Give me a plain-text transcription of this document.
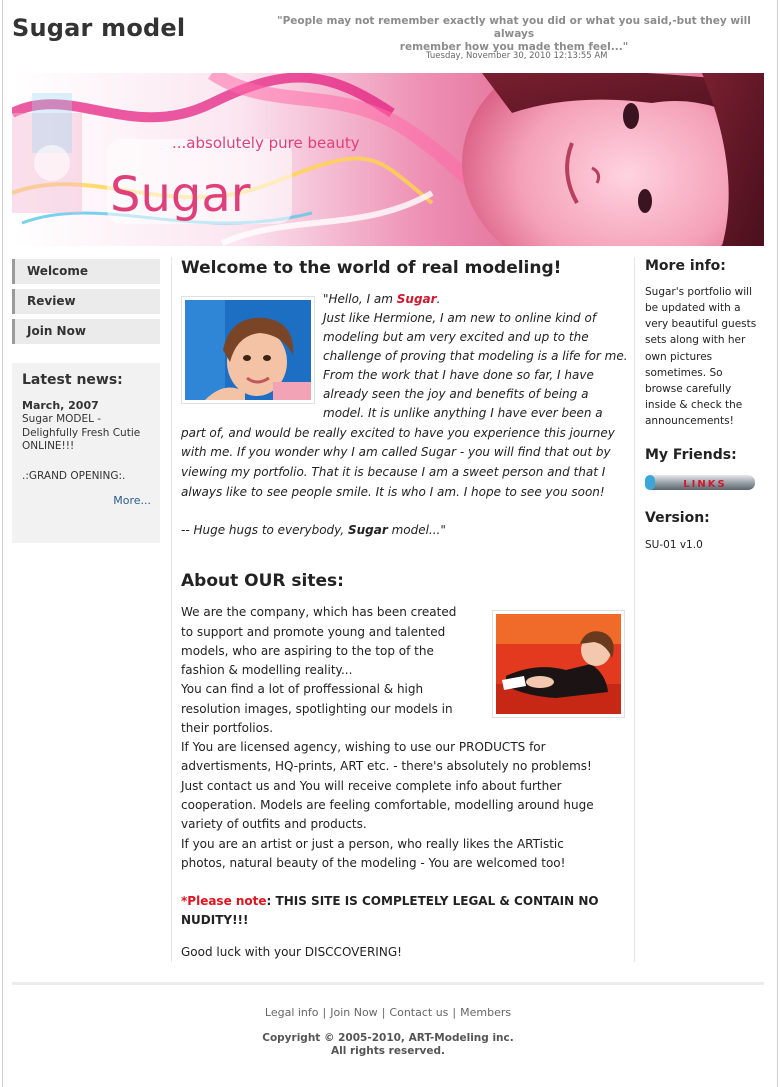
Sugar model	"People may not remember exactly what you did or what you said,-but they will always
remember how you made them feel..."
Tuesday, November 30, 2010 12:13:55 AM
...absolutely pure beauty
Sugar
Welcome
Review
Join Now
Latest news:
March, 2007
Sugar MODEL -
Delighfully Fresh Cutie
ONLINE!!!
.:GRAND OPENING:.
More...
Welcome to the world of real modeling!
"Hello, I am Sugar.
Just like Hermione, I am new to online kind of
modeling but am very excited and up to the
challenge of proving that modeling is a life for me.
From the work that I have done so far, I have
already seen the joy and benefits of being a
model. It is unlike anything I have ever been a
part of, and would be really excited to have you experience this journey
with me. If you wonder why I am called Sugar - you will find that out by
viewing my portfolio. That it is because I am a sweet person and that I
always like to see people smile. It is who I am. I hope to see you soon!
-- Huge hugs to everybody, Sugar model..."
About OUR sites:
We are the company, which has been created
to support and promote young and talented
models, who are aspiring to the top of the
fashion & modelling reality...
You can find a lot of proffessional & high
resolution images, spotlighting our models in
their portfolios.
If You are licensed agency, wishing to use our PRODUCTS for
advertisments, HQ-prints, ART etc. - there's absolutely no problems!
Just contact us and You will receive complete info about further
cooperation. Models are feeling comfortable, modelling around huge
variety of outfits and products.
If you are an artist or just a person, who really likes the ARTistic
photos, natural beauty of the modeling - You are welcomed too!
*Please note: THIS SITE IS COMPLETELY LEGAL & CONTAIN NO
NUDITY!!!
Good luck with your DISCCOVERING!
More info:
Sugar's portfolio will
be updated with a
very beautiful guests
sets along with her
own pictures
sometimes. So
browse carefully
inside & check the
announcements!
My Friends:
LINKS
Version:
SU-01 v1.0
Legal info | Join Now | Contact us | Members
Copyright © 2005-2010, ART-Modeling inc.
All rights reserved.
